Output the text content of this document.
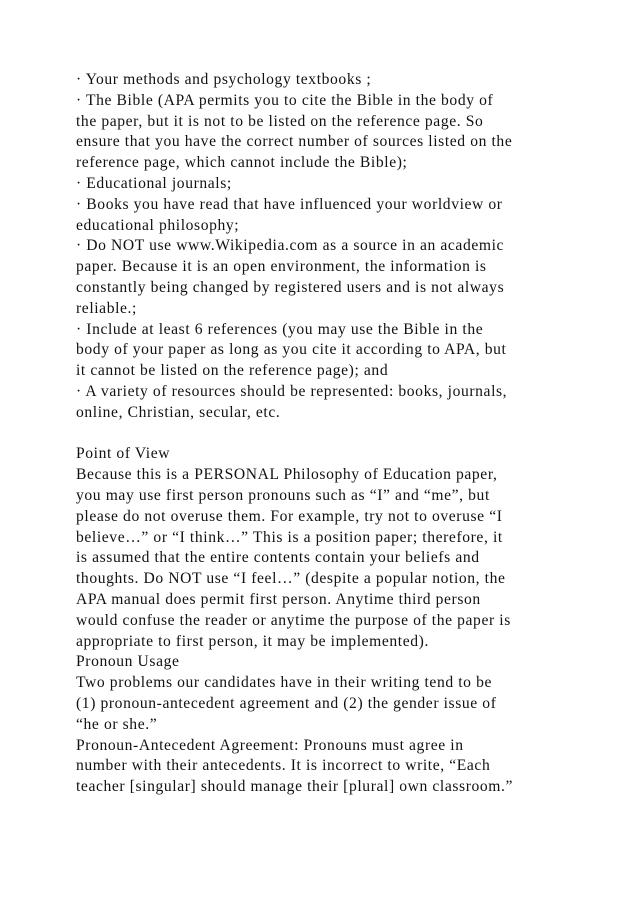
· Your methods and psychology textbooks ;
· The Bible (APA permits you to cite the Bible in the body of
the paper, but it is not to be listed on the reference page. So
ensure that you have the correct number of sources listed on the
reference page, which cannot include the Bible);
· Educational journals;
· Books you have read that have influenced your worldview or
educational philosophy;
· Do NOT use www.Wikipedia.com as a source in an academic
paper. Because it is an open environment, the information is
constantly being changed by registered users and is not always
reliable.;
· Include at least 6 references (you may use the Bible in the
body of your paper as long as you cite it according to APA, but
it cannot be listed on the reference page); and
· A variety of resources should be represented: books, journals,
online, Christian, secular, etc.
Point of View
Because this is a PERSONAL Philosophy of Education paper,
you may use first person pronouns such as “I” and “me”, but
please do not overuse them. For example, try not to overuse “I
believe…” or “I think…” This is a position paper; therefore, it
is assumed that the entire contents contain your beliefs and
thoughts. Do NOT use “I feel…” (despite a popular notion, the
APA manual does permit first person. Anytime third person
would confuse the reader or anytime the purpose of the paper is
appropriate to first person, it may be implemented).
Pronoun Usage
Two problems our candidates have in their writing tend to be
(1) pronoun-antecedent agreement and (2) the gender issue of
“he or she.”
Pronoun-Antecedent Agreement: Pronouns must agree in
number with their antecedents. It is incorrect to write, “Each
teacher [singular] should manage their [plural] own classroom.”
